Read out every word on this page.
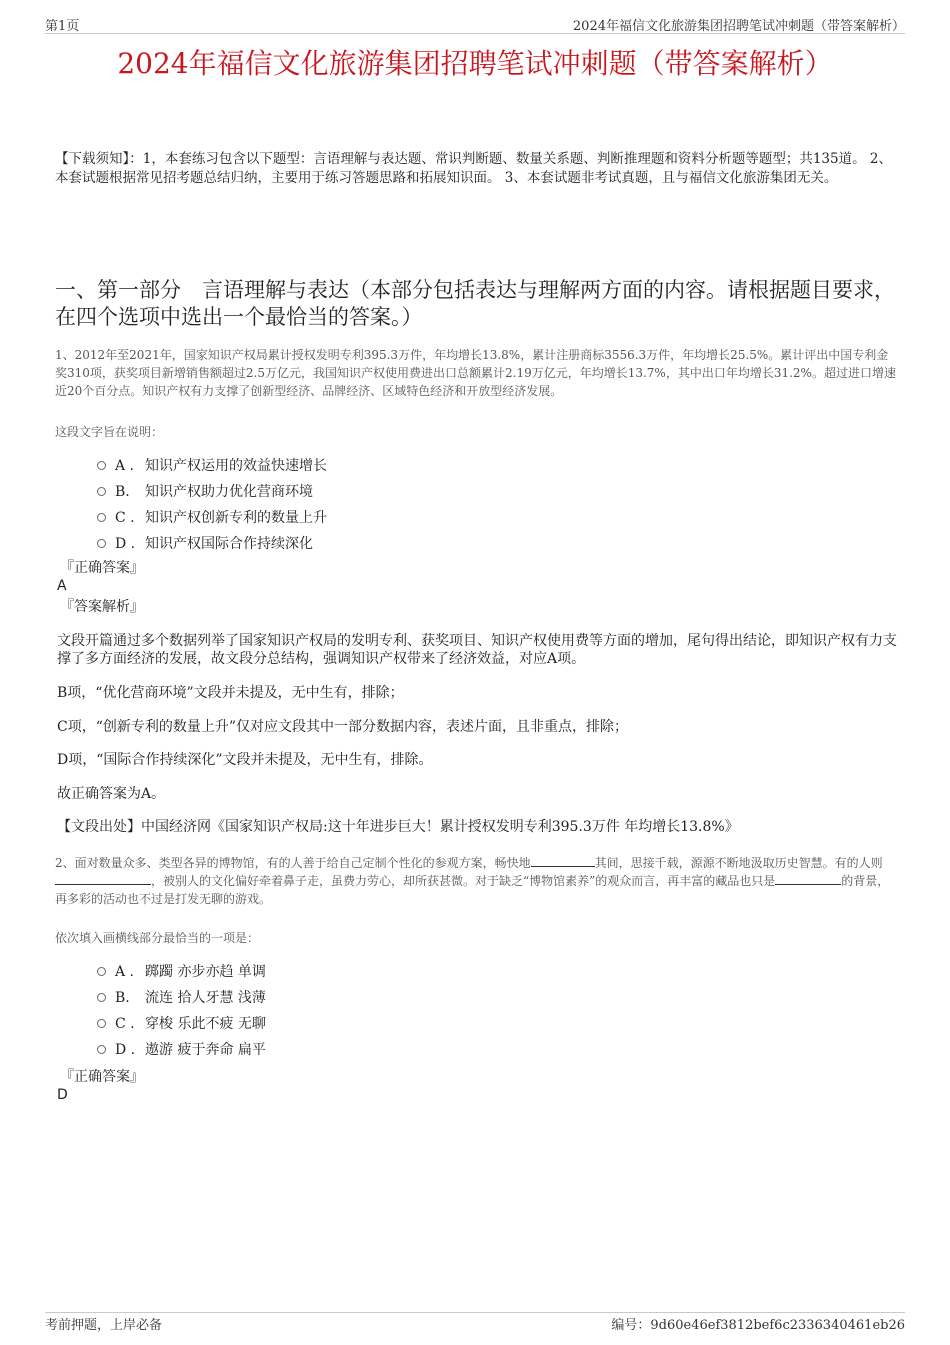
第1页	2024年福信文化旅游集团招聘笔试冲刺题（带答案解析）
2024年福信文化旅游集团招聘笔试冲刺题（带答案解析）
【下载须知】：1，本套练习包含以下题型：言语理解与表达题、常识判断题、数量关系题、判断推理题和资料分析题等题型；共135道。 2、本套试题根据常见招考题总结归纳，主要用于练习答题思路和拓展知识面。 3、本套试题非考试真题，且与福信文化旅游集团无关。
一、第一部分　言语理解与表达（本部分包括表达与理解两方面的内容。请根据题目要求，在四个选项中选出一个最恰当的答案。）
1、2012年至2021年，国家知识产权局累计授权发明专利395.3万件，年均增长13.8%，累计注册商标3556.3万件，年均增长25.5%。累计评出中国专利金奖310项，获奖项目新增销售额超过2.5万亿元，我国知识产权使用费进出口总额累计2.19万亿元，年均增长13.7%，其中出口年均增长31.2%。超过进口增速近20个百分点。知识产权有力支撑了创新型经济、品牌经济、区域特色经济和开放型经济发展。
这段文字旨在说明：
A . 知识产权运用的效益快速增长
B. 知识产权助力优化营商环境
C . 知识产权创新专利的数量上升
D . 知识产权国际合作持续深化
『正确答案』
A
『答案解析』
文段开篇通过多个数据列举了国家知识产权局的发明专利、获奖项目、知识产权使用费等方面的增加，尾句得出结论，即知识产权有力支撑了多方面经济的发展，故文段分总结构，强调知识产权带来了经济效益，对应A项。
B项，“优化营商环境”文段并未提及，无中生有，排除；
C项，“创新专利的数量上升”仅对应文段其中一部分数据内容，表述片面，且非重点，排除；
D项，“国际合作持续深化”文段并未提及，无中生有，排除。
故正确答案为A。
【文段出处】中国经济网《国家知识产权局:这十年进步巨大！累计授权发明专利395.3万件 年均增长13.8%》
2、面对数量众多、类型各异的博物馆，有的人善于给自己定制个性化的参观方案，畅快地	其间，思接千载，源源不断地汲取历史智慧。有的人则，被别人的文化偏好牵着鼻子走，虽费力劳心，却所获甚微。对于缺乏“博物馆素养”的观众而言，再丰富的藏品也只是	的背景，再多彩的活动也不过是打发无聊的游戏。
依次填入画横线部分最恰当的一项是：
A . 踯躅 亦步亦趋 单调
B. 流连 拾人牙慧 浅薄
C . 穿梭 乐此不疲 无聊
D . 遨游 疲于奔命 扁平
『正确答案』
D
考前押题，上岸必备	编号：9d60e46ef3812bef6c2336340461eb26
